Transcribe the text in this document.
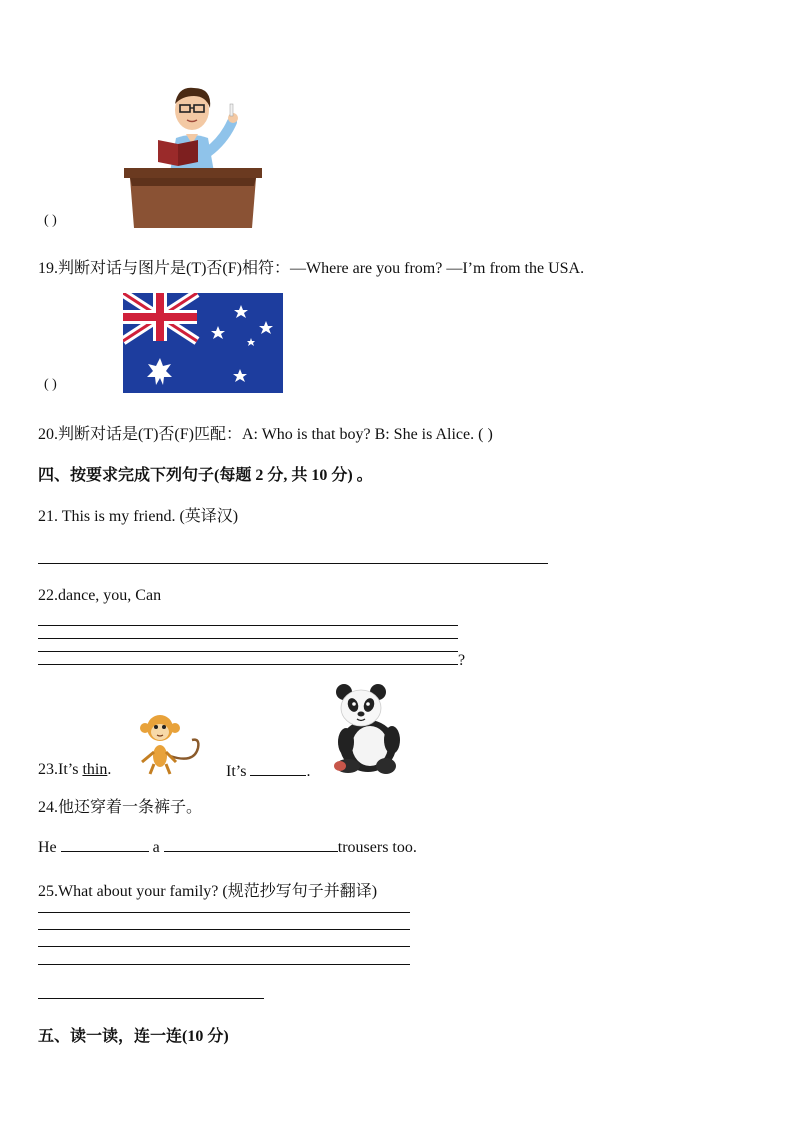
( )
19.判断对话与图片是(T)否(F)相符：—Where are you from? —I’m from the USA.
( )
20.判断对话是(T)否(F)匹配：A: Who is that boy? B: She is Alice. ( )
四、按要求完成下列句子(每题 2 分, 共 10 分) 。
21. This is my friend. (英译汉)
22.dance, you, Can
?
23.It’s thin.	It’s	.
24.他还穿着一条裤子。
He	a	trousers too.
25.What about your family? (规范抄写句子并翻译)
五、读一读，连一连(10 分)
